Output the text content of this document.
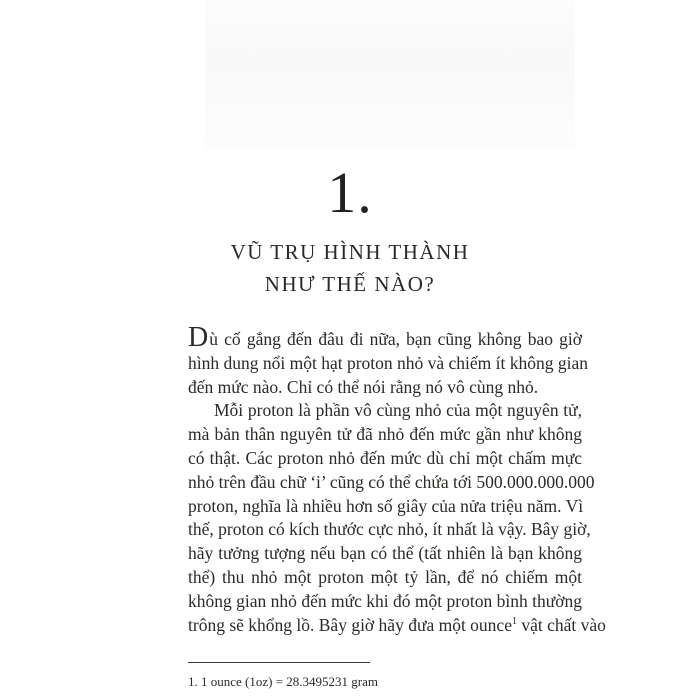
1.
VŨ TRỤ HÌNH THÀNH
NHƯ THẾ NÀO?
Dù cố gắng đến đâu đi nữa, bạn cũng không bao giờ
hình dung nổi một hạt proton nhỏ và chiếm ít không gian
đến mức nào. Chỉ có thể nói rằng nó vô cùng nhỏ.
Mỗi proton là phần vô cùng nhỏ của một nguyên tử,
mà bản thân nguyên tử đã nhỏ đến mức gần như không
có thật. Các proton nhỏ đến mức dù chỉ một chấm mực
nhỏ trên đầu chữ ‘i’ cũng có thể chứa tới 500.000.000.000
proton, nghĩa là nhiều hơn số giây của nửa triệu năm. Vì
thế, proton có kích thước cực nhỏ, ít nhất là vậy. Bây giờ,
hãy tưởng tượng nếu bạn có thể (tất nhiên là bạn không
thể) thu nhỏ một proton một tỷ lần, để nó chiếm một
không gian nhỏ đến mức khi đó một proton bình thường
trông sẽ khổng lồ. Bây giờ hãy đưa một ounce$^1$ vật chất vào
1. 1 ounce (1oz) = 28.3495231 gram
